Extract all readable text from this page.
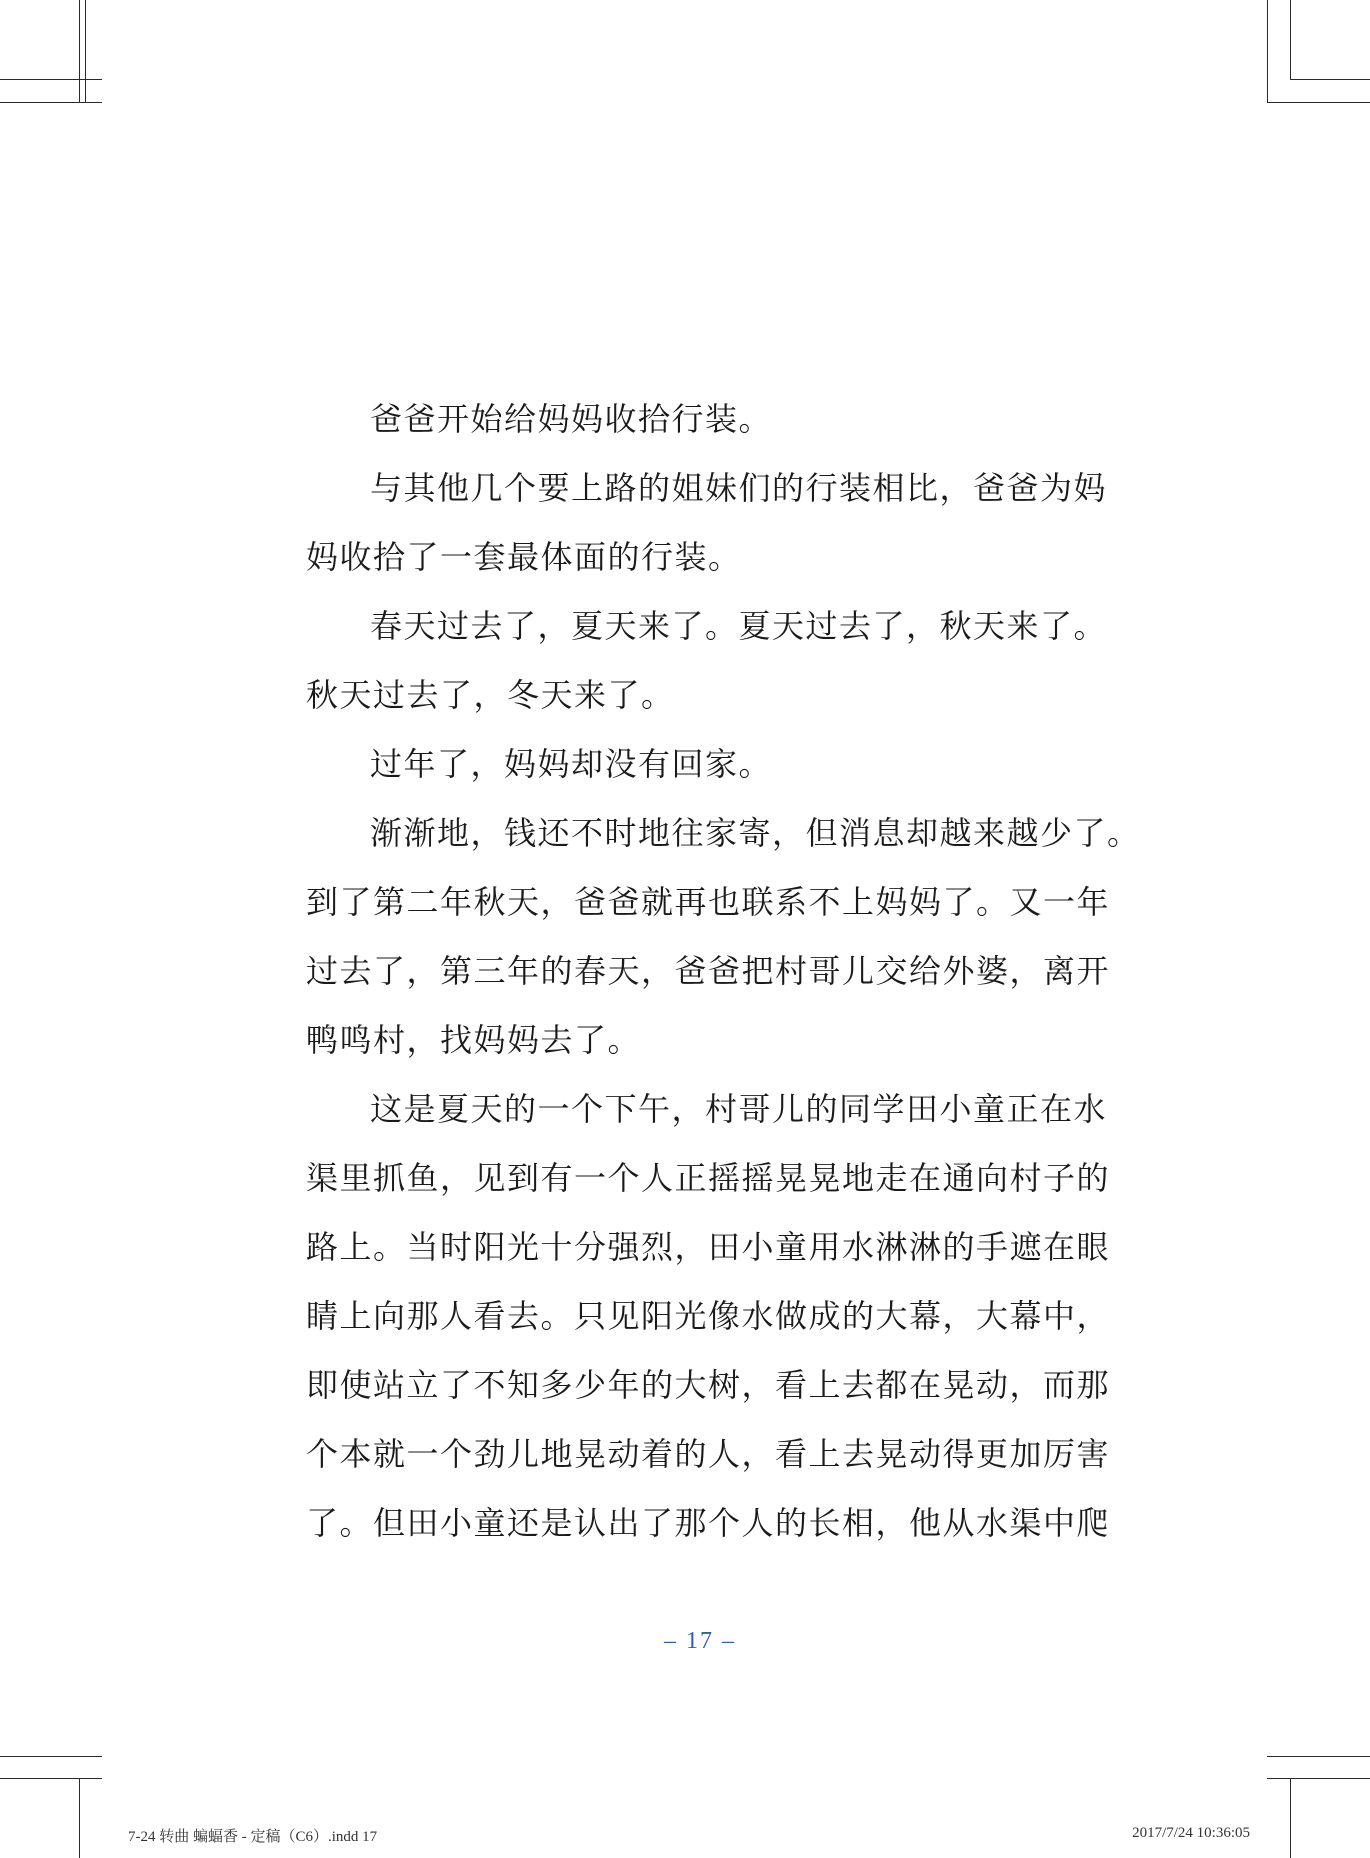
爸爸开始给妈妈收拾行装。
与其他几个要上路的姐妹们的行装相比，爸爸为妈
妈收拾了一套最体面的行装。
春天过去了，夏天来了。夏天过去了，秋天来了。
秋天过去了，冬天来了。
过年了，妈妈却没有回家。
渐渐地，钱还不时地往家寄，但消息却越来越少了。
到了第二年秋天，爸爸就再也联系不上妈妈了。又一年
过去了，第三年的春天，爸爸把村哥儿交给外婆，离开
鸭鸣村，找妈妈去了。
这是夏天的一个下午，村哥儿的同学田小童正在水
渠里抓鱼，见到有一个人正摇摇晃晃地走在通向村子的
路上。当时阳光十分强烈，田小童用水淋淋的手遮在眼
睛上向那人看去。只见阳光像水做成的大幕，大幕中，
即使站立了不知多少年的大树，看上去都在晃动，而那
个本就一个劲儿地晃动着的人，看上去晃动得更加厉害
了。但田小童还是认出了那个人的长相，他从水渠中爬
– 17 –
7-24 转曲 蝙蝠香 - 定稿（C6）.indd 17	2017/7/24 10:36:05
